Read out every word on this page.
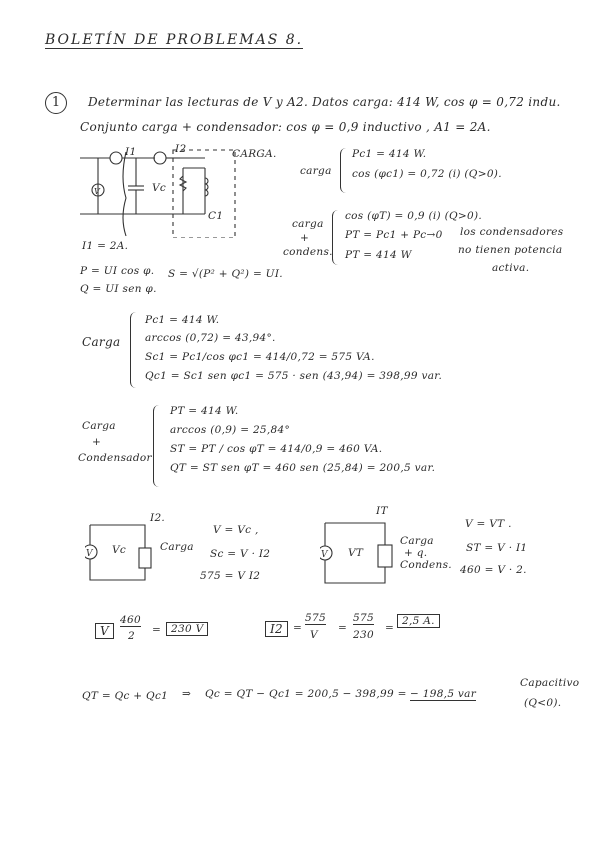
BOLETÍN DE PROBLEMAS 8.
1	Determinar las lecturas de V y A2. Datos carga: 414 W, cos φ = 0,72 indu.
Conjunto carga + condensador: cos φ = 0,9 inductivo , A1 = 2A.
V
CARGA.
I1	I2
Vc
C1
I1 = 2A.
P = UI cos φ.
Q = UI sen φ.
S = √(P² + Q²) = UI.
carga
Pc1 = 414 W.
cos (φc1) = 0,72 (i) (Q>0).
carga
+
condens.
cos (φT) = 0,9 (i) (Q>0).
PT = Pc1 + Pc→0
PT = 414 W
los condensadores
no tienen potencia
activa.
Carga
Pc1 = 414 W.
arccos (0,72) = 43,94°.
Sc1 = Pc1/cos φc1 = 414/0,72 = 575 VA.
Qc1 = Sc1 sen φc1 = 575 · sen (43,94) = 398,99 var.
Carga
+
Condensador
PT = 414 W.
arccos (0,9) = 25,84°
ST = PT / cos φT = 414/0,9 = 460 VA.
QT = ST sen φT = 460 sen (25,84) = 200,5 var.
V
I2.
Vc	Carga
V = Vc ,
Sc = V · I2
575 = V I2
V
IT
VT
Carga
+ q.
Condens.
V = VT .
ST = V · I1
460 = V · 2.
V
460
2 = 230 V	I2 =
575
V
=
575
230
=
2,5 A.
QT = Qc + Qc1 ⇒ Qc = QT − Qc1 = 200,5 − 398,99 = − 198,5 var
Capacitivo
(Q<0).
